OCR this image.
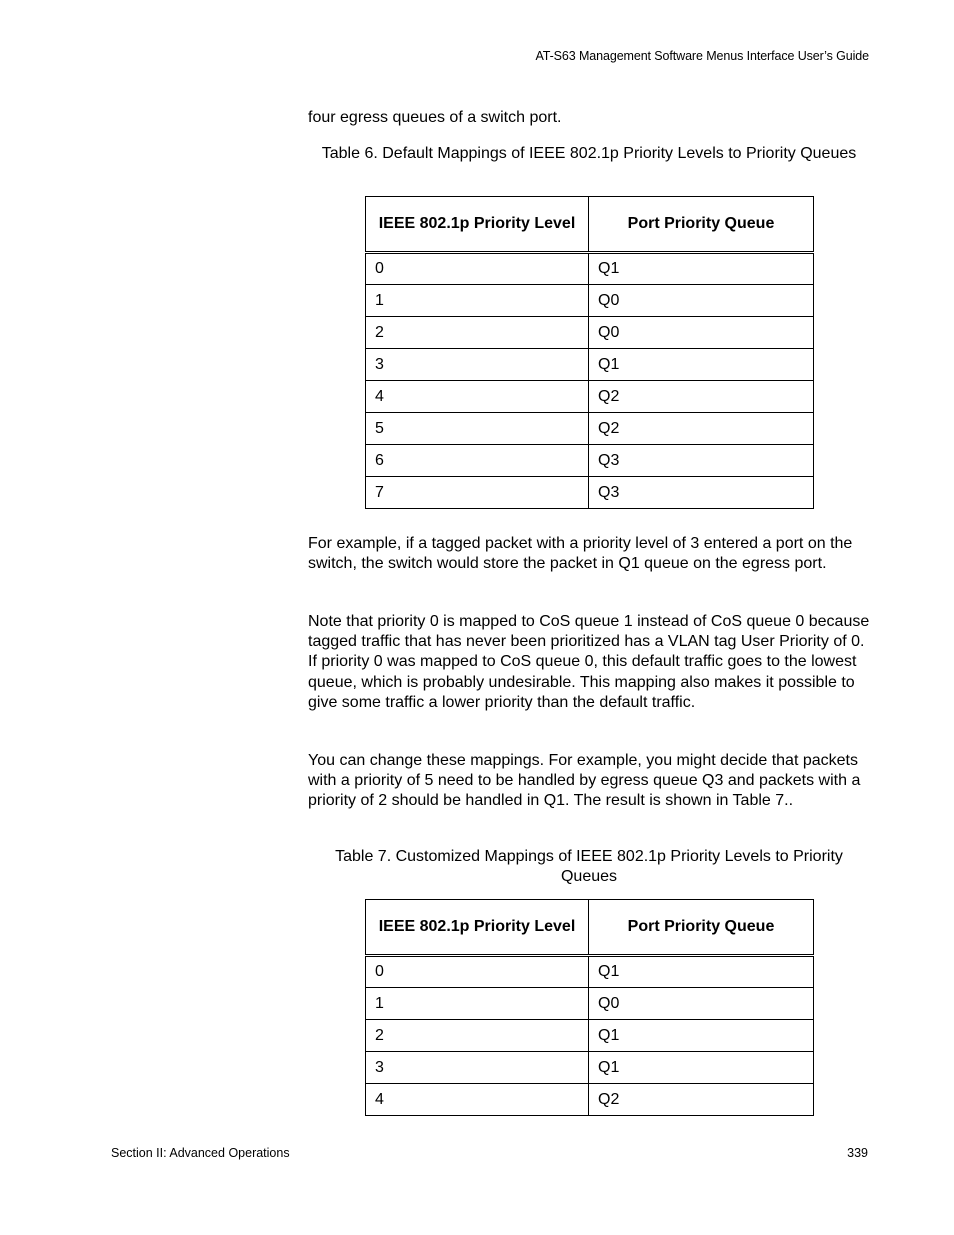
AT-S63 Management Software Menus Interface User’s Guide

four egress queues of a switch port.

Table 6. Default Mappings of IEEE 802.1p Priority Levels to Priority Queues

IEEE 802.1p Priority Level	Port Priority Queue
0	Q1
1	Q0
2	Q0
3	Q1
4	Q2
5	Q2
6	Q3
7	Q3

For example, if a tagged packet with a priority level of 3 entered a port on the switch, the switch would store the packet in Q1 queue on the egress port.

Note that priority 0 is mapped to CoS queue 1 instead of CoS queue 0 because tagged traffic that has never been prioritized has a VLAN tag User Priority of 0. If priority 0 was mapped to CoS queue 0, this default traffic goes to the lowest queue, which is probably undesirable. This mapping also makes it possible to give some traffic a lower priority than the default traffic.

You can change these mappings. For example, you might decide that packets with a priority of 5 need to be handled by egress queue Q3 and packets with a priority of 2 should be handled in Q1. The result is shown in Table 7..

Table 7. Customized Mappings of IEEE 802.1p Priority Levels to Priority Queues

IEEE 802.1p Priority Level	Port Priority Queue
0	Q1
1	Q0
2	Q1
3	Q1
4	Q2
Section II: Advanced Operations	339
